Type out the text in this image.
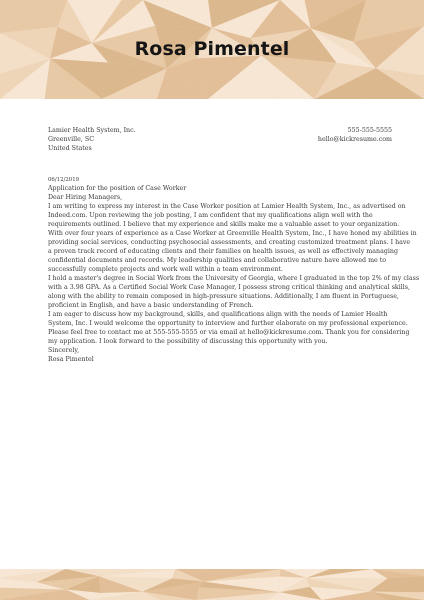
Rosa Pimentel
Lamier Health System, Inc.
Greenville, SC
United States
555-555-5555
hello@kickresume.com

06/12/2019

Application for the position of Case Worker

Dear Hiring Managers,

I am writing to express my interest in the Case Worker position at Lamier Health System, Inc., as advertised on
Indeed.com. Upon reviewing the job posting, I am confident that my qualifications align well with the
requirements outlined. I believe that my experience and skills make me a valuable asset to your organization.

With over four years of experience as a Case Worker at Greenville Health System, Inc., I have honed my abilities in
providing social services, conducting psychosocial assessments, and creating customized treatment plans. I have
a proven track record of educating clients and their families on health issues, as well as effectively managing
confidential documents and records. My leadership qualities and collaborative nature have allowed me to
successfully complete projects and work well within a team environment.

I hold a master's degree in Social Work from the University of Georgia, where I graduated in the top 2% of my class
with a 3.98 GPA. As a Certified Social Work Case Manager, I possess strong critical thinking and analytical skills,
along with the ability to remain composed in high-pressure situations. Additionally, I am fluent in Portuguese,
proficient in English, and have a basic understanding of French.

I am eager to discuss how my background, skills, and qualifications align with the needs of Lamier Health
System, Inc. I would welcome the opportunity to interview and further elaborate on my professional experience.
Please feel free to contact me at 555-555-5555 or via email at hello@kickresume.com. Thank you for considering
my application. I look forward to the possibility of discussing this opportunity with you.

Sincerely,

Rosa Pimentel
